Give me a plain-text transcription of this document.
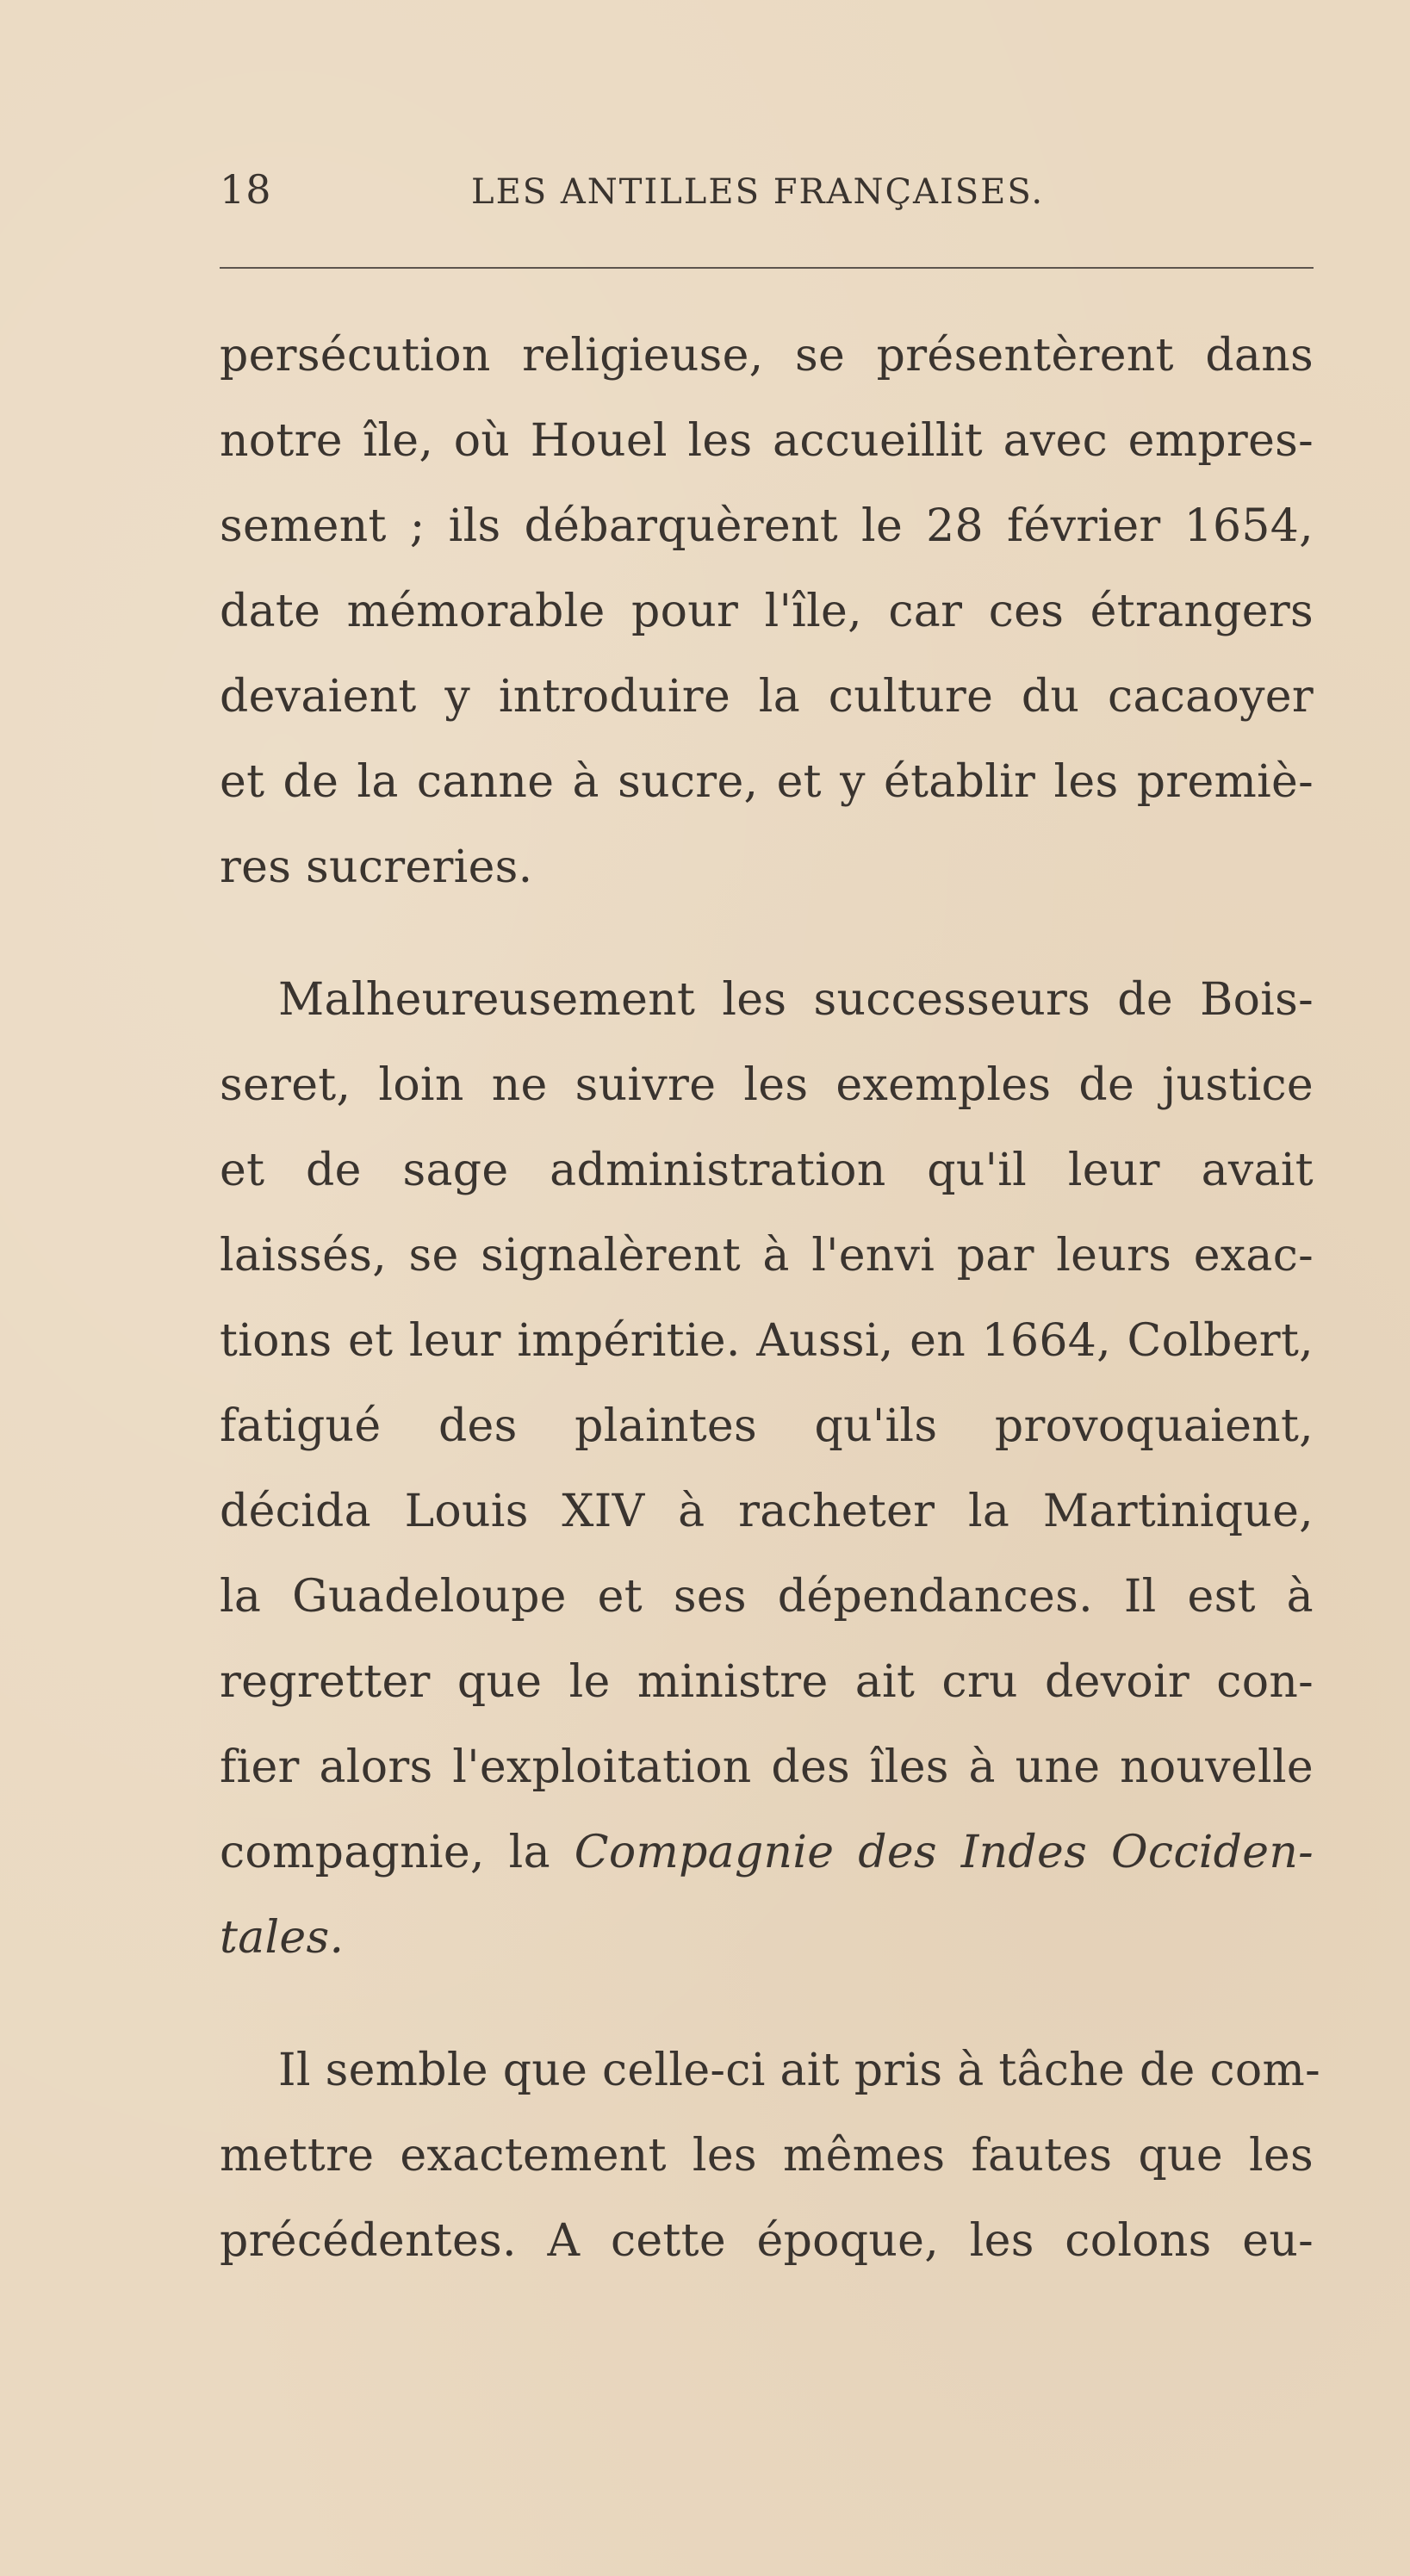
18	LES ANTILLES FRANÇAISES.
persécution religieuse, se présentèrent dans
notre île, où Houel les accueillit avec empres-
sement ; ils débarquèrent le 28 février 1654,
date mémorable pour l'île, car ces étrangers
devaient y introduire la culture du cacaoyer
et de la canne à sucre, et y établir les premiè-
res sucreries.
Malheureusement les successeurs de Bois-
seret, loin ne suivre les exemples de justice
et de sage administration qu'il leur avait
laissés, se signalèrent à l'envi par leurs exac-
tions et leur impéritie. Aussi, en 1664, Colbert,
fatigué des plaintes qu'ils provoquaient,
décida Louis XIV à racheter la Martinique,
la Guadeloupe et ses dépendances. Il est à
regretter que le ministre ait cru devoir con-
fier alors l'exploitation des îles à une nouvelle
compagnie, la Compagnie des Indes Occiden-
tales.
Il semble que celle-ci ait pris à tâche de com-
mettre exactement les mêmes fautes que les
précédentes. A cette époque, les colons eu-
